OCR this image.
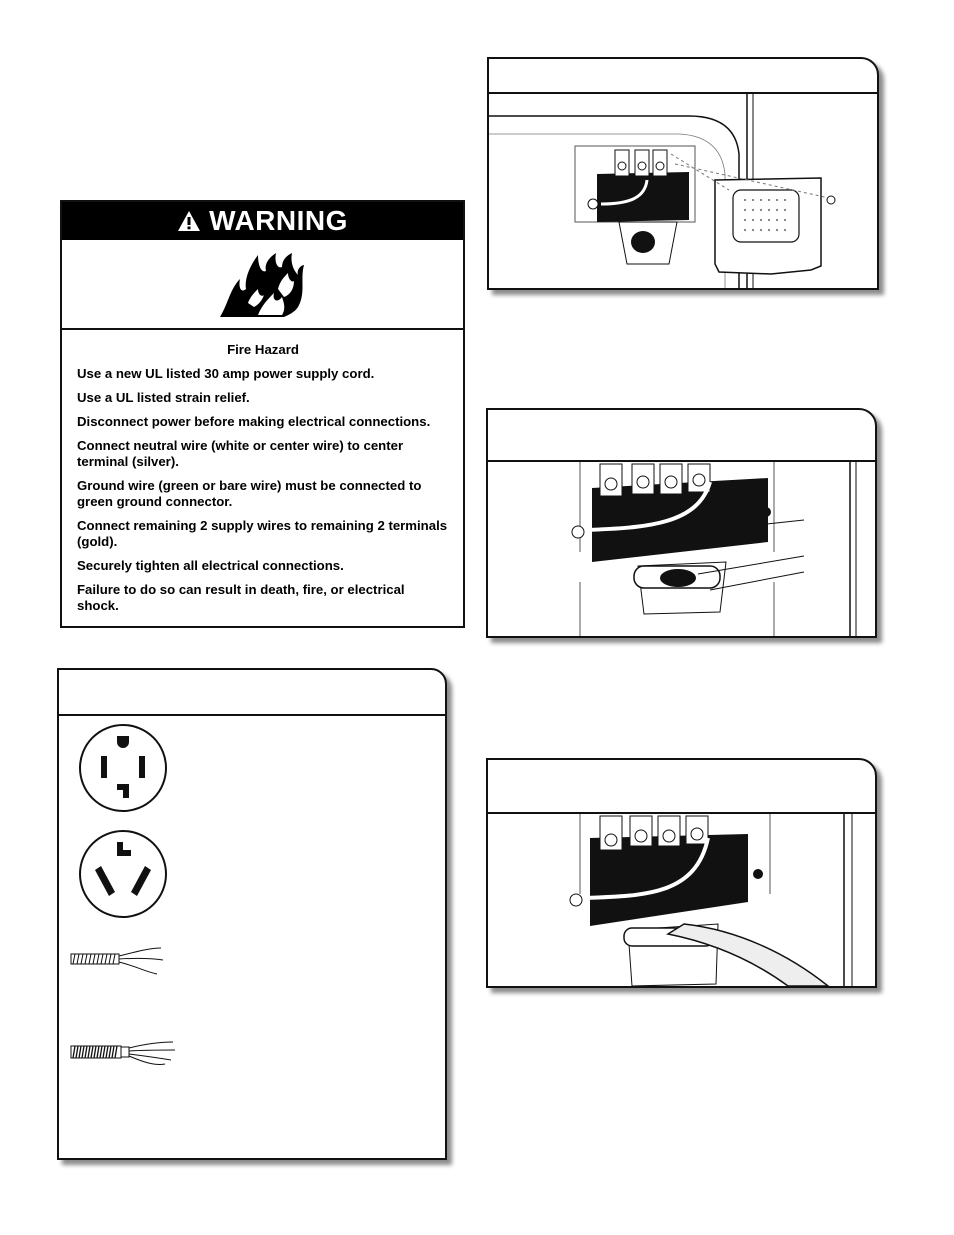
WARNING
Fire Hazard

Use a new UL listed 30 amp power supply cord.

Use a UL listed strain relief.

Disconnect power before making electrical connections.

Connect neutral wire (white or center wire) to center terminal (silver).

Ground wire (green or bare wire) must be connected to green ground connector.

Connect remaining 2 supply wires to remaining 2 terminals (gold).

Securely tighten all electrical connections.

Failure to do so can result in death, fire, or electrical shock.
